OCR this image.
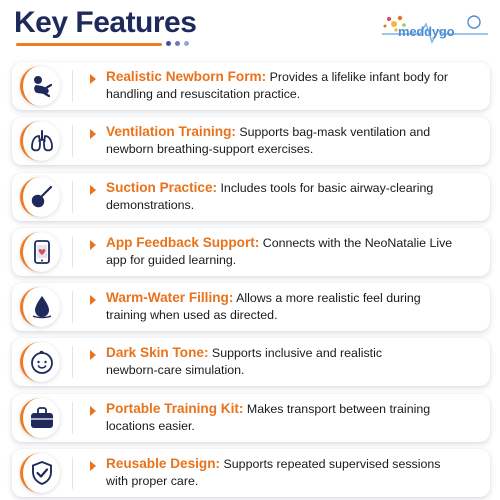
Key Features	meddygo
Realistic Newborn Form: Provides a lifelike infant body for
handling and resuscitation practice.
Ventilation Training: Supports bag-mask ventilation and
newborn breathing-support exercises.
Suction Practice: Includes tools for basic airway-clearing
demonstrations.
App Feedback Support: Connects with the NeoNatalie Live
app for guided learning.
Warm-Water Filling: Allows a more realistic feel during
training when used as directed.
Dark Skin Tone: Supports inclusive and realistic
newborn-care simulation.
Portable Training Kit: Makes transport between training
locations easier.
Reusable Design: Supports repeated supervised sessions
with proper care.
